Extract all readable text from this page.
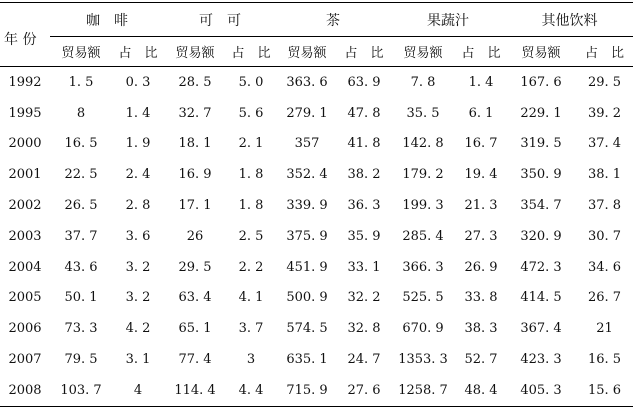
年 份	咖　啡		可　可		茶		果蔬汁		其他饮料	
	贸易额	占　比	贸易额	占　比	贸易额	占　比	贸易额	占　比	贸易额	占　比
1992	1. 5	0. 3	28. 5	5. 0	363. 6	63. 9	7. 8	1. 4	167. 6	29. 5
1995	8	1. 4	32. 7	5. 6	279. 1	47. 8	35. 5	6. 1	229. 1	39. 2
2000	16. 5	1. 9	18. 1	2. 1	357	41. 8	142. 8	16. 7	319. 5	37. 4
2001	22. 5	2. 4	16. 9	1. 8	352. 4	38. 2	179. 2	19. 4	350. 9	38. 1
2002	26. 5	2. 8	17. 1	1. 8	339. 9	36. 3	199. 3	21. 3	354. 7	37. 8
2003	37. 7	3. 6	26	2. 5	375. 9	35. 9	285. 4	27. 3	320. 9	30. 7
2004	43. 6	3. 2	29. 5	2. 2	451. 9	33. 1	366. 3	26. 9	472. 3	34. 6
2005	50. 1	3. 2	63. 4	4. 1	500. 9	32. 2	525. 5	33. 8	414. 5	26. 7
2006	73. 3	4. 2	65. 1	3. 7	574. 5	32. 8	670. 9	38. 3	367. 4	21
2007	79. 5	3. 1	77. 4	3	635. 1	24. 7	1353. 3	52. 7	423. 3	16. 5
2008	103. 7	4	114. 4	4. 4	715. 9	27. 6	1258. 7	48. 4	405. 3	15. 6
